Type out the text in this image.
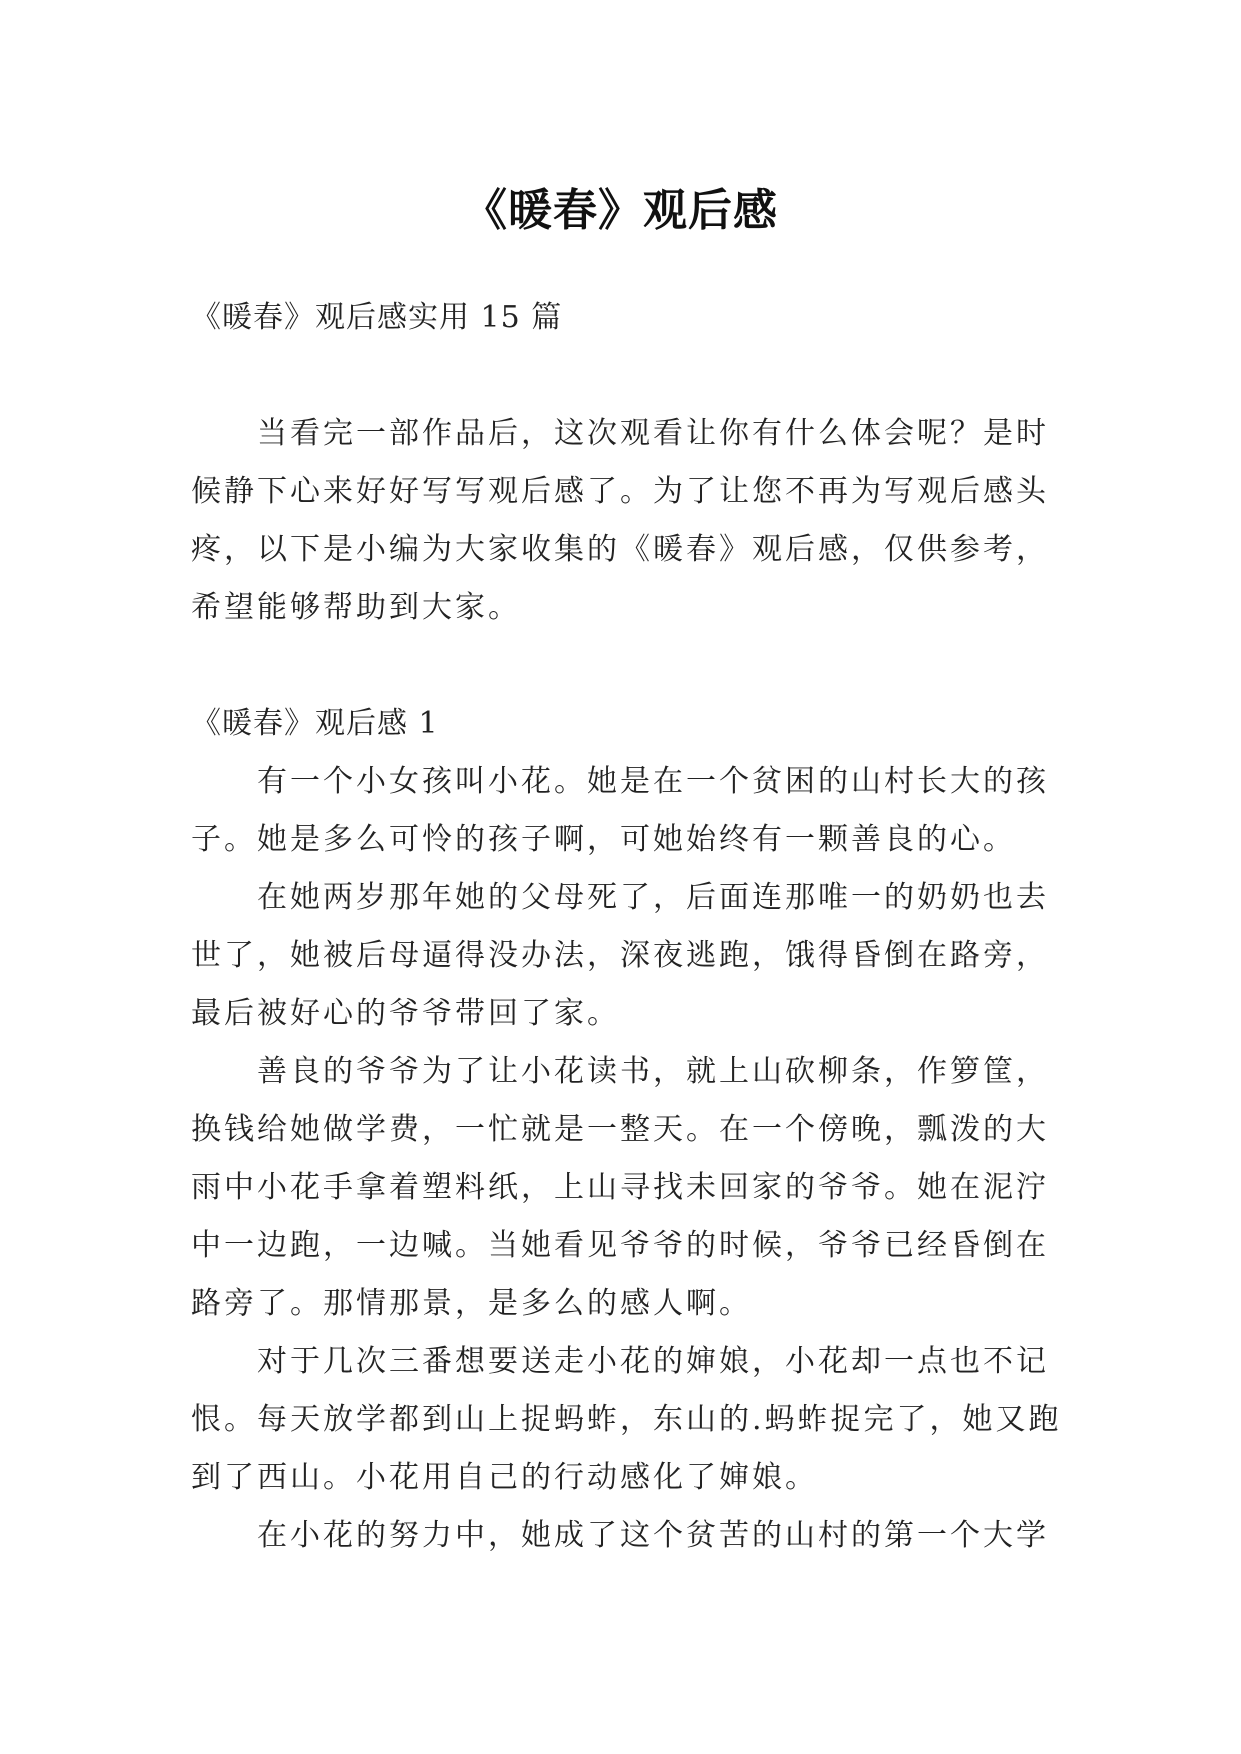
《暖春》观后感

《暖春》观后感实用 15 篇

当看完一部作品后，这次观看让你有什么体会呢？是时候静下心来好好写写观后感了。为了让您不再为写观后感头疼，以下是小编为大家收集的《暖春》观后感，仅供参考，希望能够帮助到大家。

《暖春》观后感 1

有一个小女孩叫小花。她是在一个贫困的山村长大的孩子。她是多么可怜的孩子啊，可她始终有一颗善良的心。

在她两岁那年她的父母死了，后面连那唯一的奶奶也去世了，她被后母逼得没办法，深夜逃跑，饿得昏倒在路旁，最后被好心的爷爷带回了家。

善良的爷爷为了让小花读书，就上山砍柳条，作箩筐，换钱给她做学费，一忙就是一整天。在一个傍晚，瓢泼的大雨中小花手拿着塑料纸，上山寻找未回家的爷爷。她在泥泞中一边跑，一边喊。当她看见爷爷的时候，爷爷已经昏倒在路旁了。那情那景，是多么的感人啊。

对于几次三番想要送走小花的婶娘，小花却一点也不记恨。每天放学都到山上捉蚂蚱，东山的.蚂蚱捉完了，她又跑到了西山。小花用自己的行动感化了婶娘。

在小花的努力中，她成了这个贫苦的山村的第一个大学
